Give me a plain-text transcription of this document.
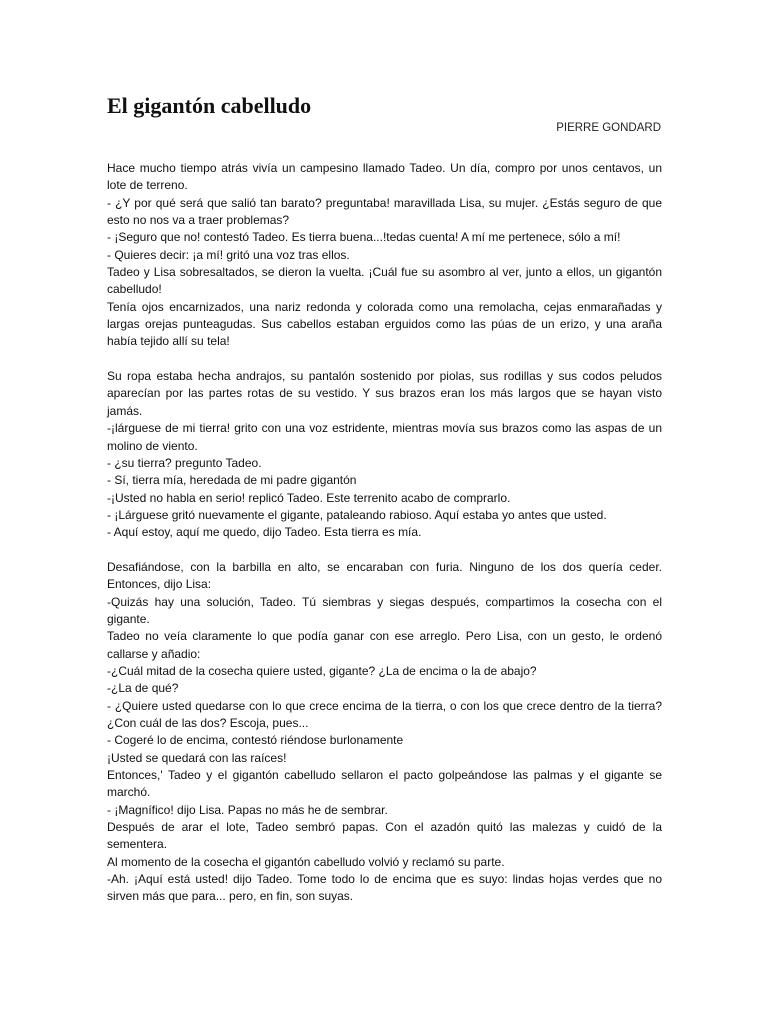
El gigantón cabelludo

PIERRE GONDARD

Hace mucho tiempo atrás vivía un campesino llamado Tadeo. Un día, compro por unos centavos, un lote de terreno.

- ¿Y por qué será que salió tan barato? preguntaba! maravillada Lisa, su mujer. ¿Estás seguro de que esto no nos va a traer problemas?

- ¡Seguro que no! contestó Tadeo. Es tierra buena...!tedas cuenta! A mí me pertenece, sólo a mí!

- Quieres decir: ¡a mí! gritó una voz tras ellos.

Tadeo y Lisa sobresaltados, se dieron la vuelta. ¡Cuál fue su asombro al ver, junto a ellos, un gigantón cabelludo!

Tenía ojos encarnizados, una nariz redonda y colorada como una remolacha, cejas enmarañadas y largas orejas punteagudas. Sus cabellos estaban erguidos como las púas de un erizo, y una araña había tejido allí su tela!

Su ropa estaba hecha andrajos, su pantalón sostenido por piolas, sus rodillas y sus codos peludos aparecían por las partes rotas de su vestido. Y sus brazos eran los más largos que se hayan visto jamás.

-¡lárguese de mi tierra! grito con una voz estridente, mientras movía sus brazos como las aspas de un molino de viento.

- ¿su tierra? pregunto Tadeo.

- Sí, tierra mía, heredada de mi padre gigantón

-¡Usted no habla en serio! replicó Tadeo. Este terrenito acabo de comprarlo.

- ¡Lárguese gritó nuevamente el gigante, pataleando rabioso. Aquí estaba yo antes que usted.

- Aquí estoy, aquí me quedo, dijo Tadeo. Esta tierra es mía.

Desafiándose, con la barbilla en alto, se encaraban con furia. Ninguno de los dos quería ceder. Entonces, dijo Lisa:

-Quizás hay una solución, Tadeo. Tú siembras y siegas después, compartimos la cosecha con el gigante.

Tadeo no veía claramente lo que podía ganar con ese arreglo. Pero Lisa, con un gesto, le ordenó callarse y añadio:

-¿Cuál mitad de la cosecha quiere usted, gigante? ¿La de encima o la de abajo?

-¿La de qué?

- ¿Quiere usted quedarse con lo que crece encima de la tierra, o con los que crece dentro de la tierra? ¿Con cuál de las dos? Escoja, pues...

- Cogeré lo de encima, contestó riéndose burlonamente

¡Usted se quedará con las raíces!

Entonces,' Tadeo y el gigantón cabelludo sellaron el pacto golpeándose las palmas y el gigante se marchó.

- ¡Magnífico! dijo Lisa. Papas no más he de sembrar.

Después de arar el lote, Tadeo sembró papas. Con el azadón quitó las malezas y cuidó de la sementera.

Al momento de la cosecha el gigantón cabelludo volvió y reclamó su parte.

-Ah. ¡Aquí está usted! dijo Tadeo. Tome todo lo de encima que es suyo: lindas hojas verdes que no sirven más que para... pero, en fin, son suyas.
